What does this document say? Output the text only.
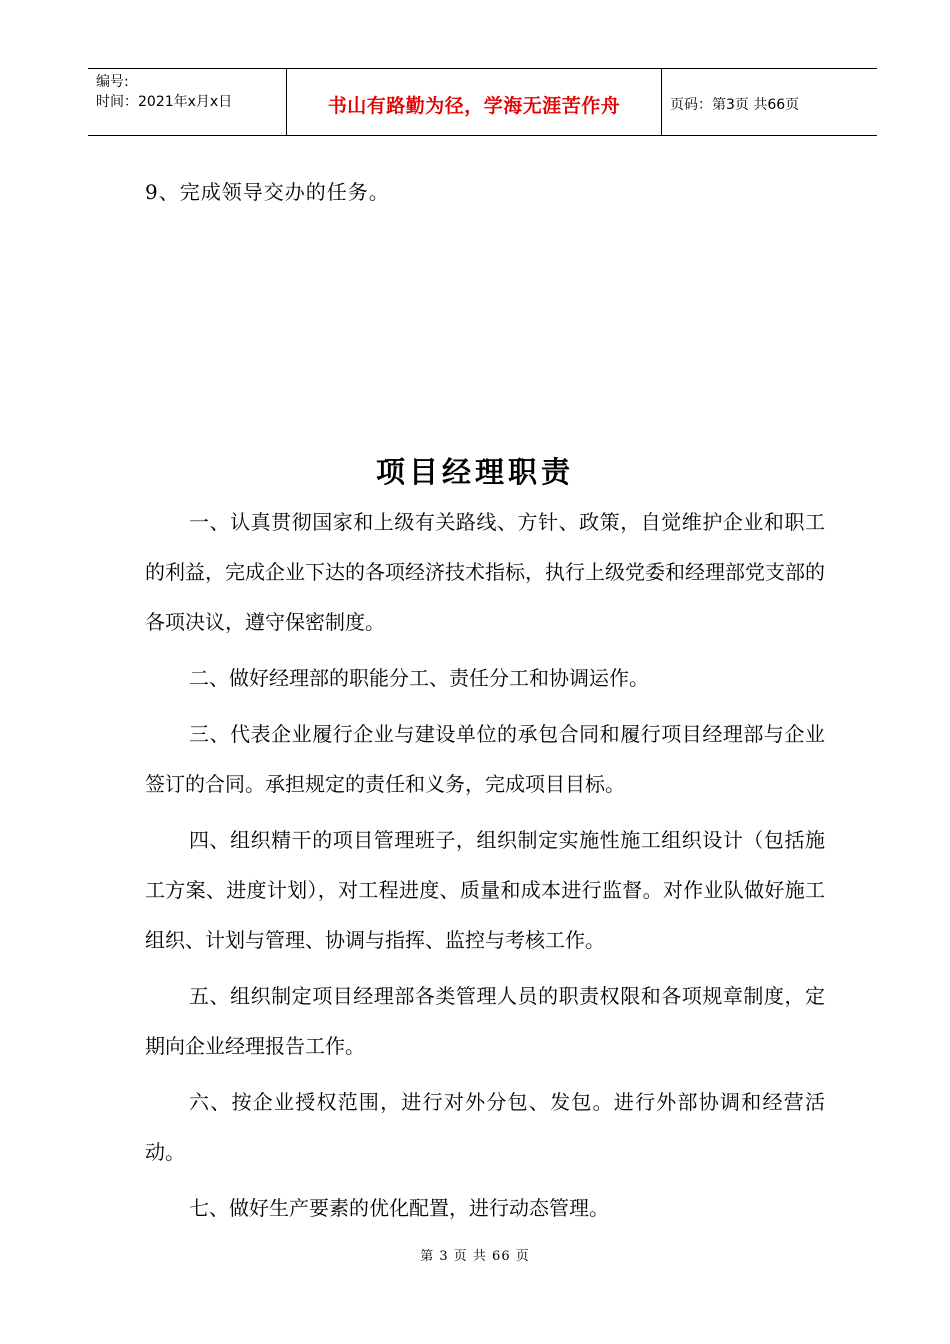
编号:
时间：2021年x月x日	书山有路勤为径，学海无涯苦作舟	页码：第3页 共66页
9、完成领导交办的任务。
项目经理职责

一、认真贯彻国家和上级有关路线、方针、政策，自觉维护企业和职工的利益，完成企业下达的各项经济技术指标，执行上级党委和经理部党支部的各项决议，遵守保密制度。

二、做好经理部的职能分工、责任分工和协调运作。

三、代表企业履行企业与建设单位的承包合同和履行项目经理部与企业签订的合同。承担规定的责任和义务，完成项目目标。

四、组织精干的项目管理班子，组织制定实施性施工组织设计（包括施工方案、进度计划），对工程进度、质量和成本进行监督。对作业队做好施工组织、计划与管理、协调与指挥、监控与考核工作。

五、组织制定项目经理部各类管理人员的职责权限和各项规章制度，定期向企业经理报告工作。

六、按企业授权范围，进行对外分包、发包。进行外部协调和经营活动。

七、做好生产要素的优化配置，进行动态管理。

第 3 页 共 66 页
